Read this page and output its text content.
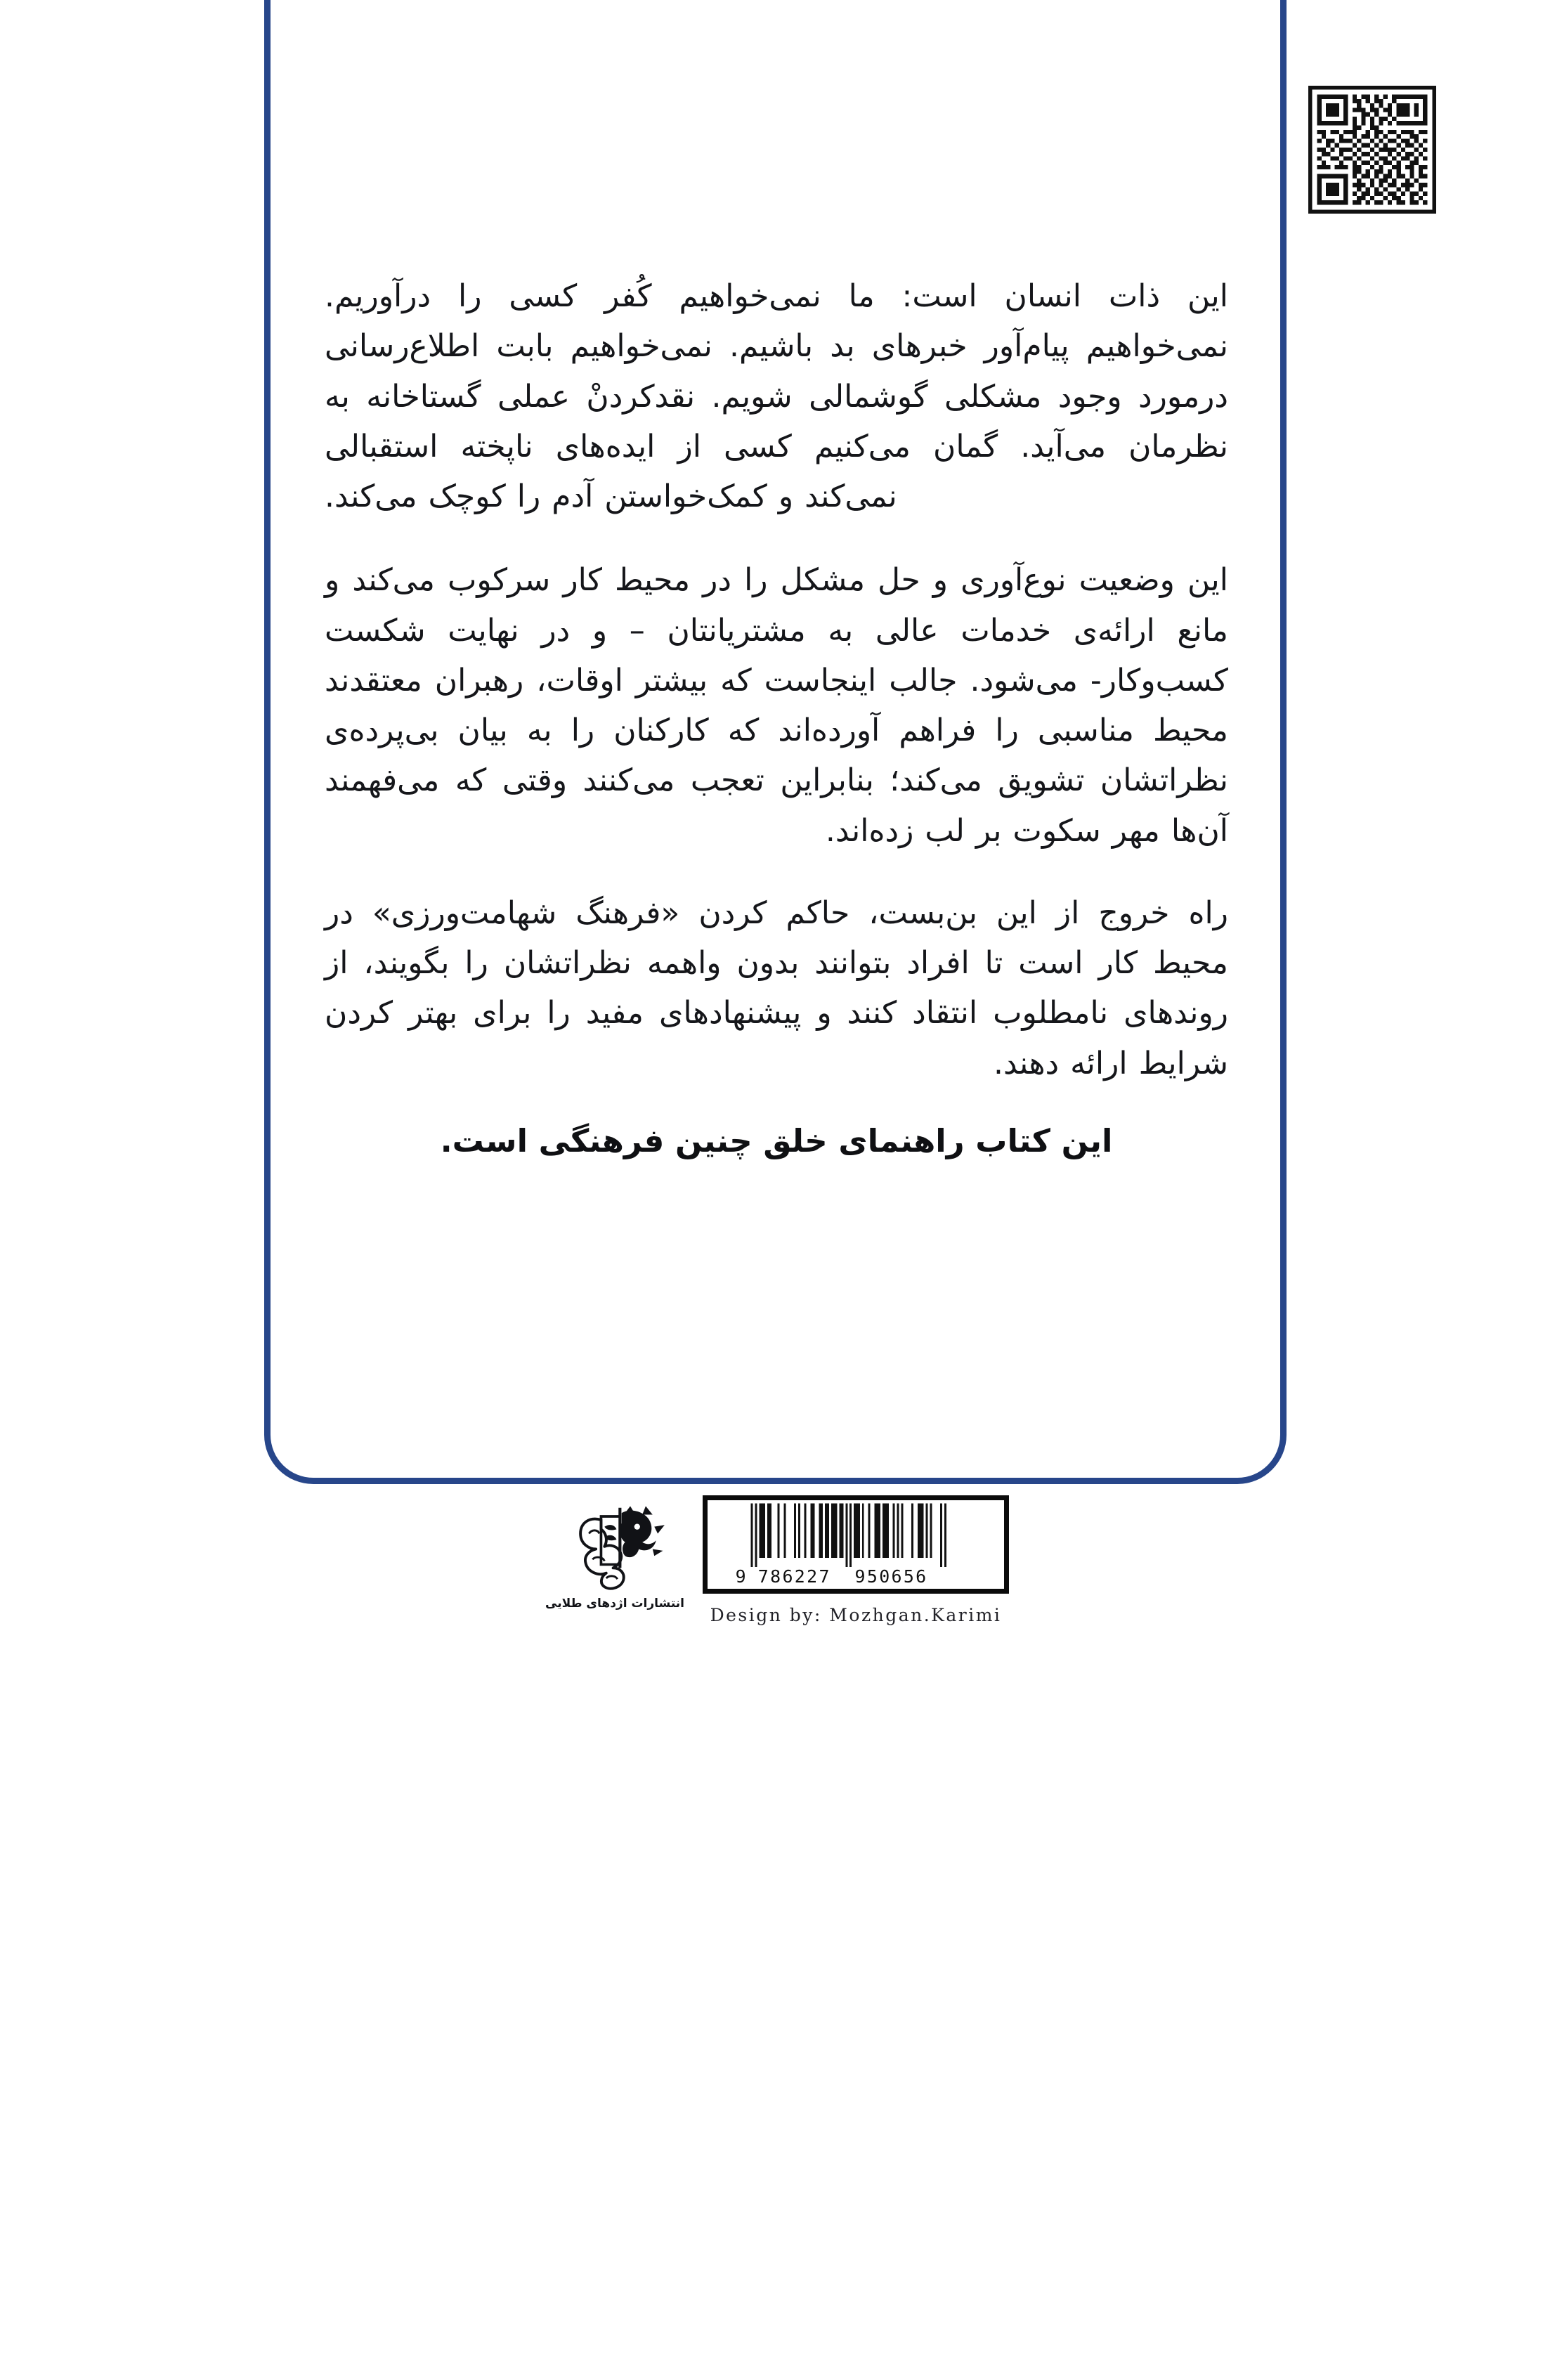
این ذات انسان است: ما نمی‌خواهیم کُفر کسی را درآوریم. نمی‌خواهیم پیام‌آور خبرهای بد باشیم. نمی‌خواهیم بابت اطلاع‌رسانی درمورد وجود مشکلی گوشمالی شویم. نقدکردنْ عملی گستاخانه به نظرمان می‌آید. گمان می‌کنیم کسی از ایده‌های ناپخته استقبالی نمی‌کند و کمک‌خواستن آدم را کوچک می‌کند.

این وضعیت نوع‌آوری و حل مشکل را در محیط کار سرکوب می‌کند و مانع ارائه‌ی خدمات عالی به مشتریانتان – و در نهایت شکست کسب‌وکار- می‌شود. جالب اینجاست که بیشتر اوقات، رهبران معتقدند محیط مناسبی را فراهم آورده‌اند که کارکنان را به بیان بی‌پرده‌ی نظراتشان تشویق می‌کند؛ بنابراین تعجب می‌کنند وقتی که می‌فهمند آن‌ها مهر سکوت بر لب زده‌اند.

راه خروج از این بن‌بست، حاکم کردن «فرهنگ شهامت‌ورزی» در محیط کار است تا افراد بتوانند بدون واهمه نظراتشان را بگویند، از روندهای نامطلوب انتقاد کنند و پیشنهادهای مفید را برای بهتر کردن شرایط ارائه دهند.

این کتاب راهنمای خلق چنین فرهنگی است.

انتشارات اژدهای طلایی
9 786227 950656
Design by: Mozhgan.Karimi
